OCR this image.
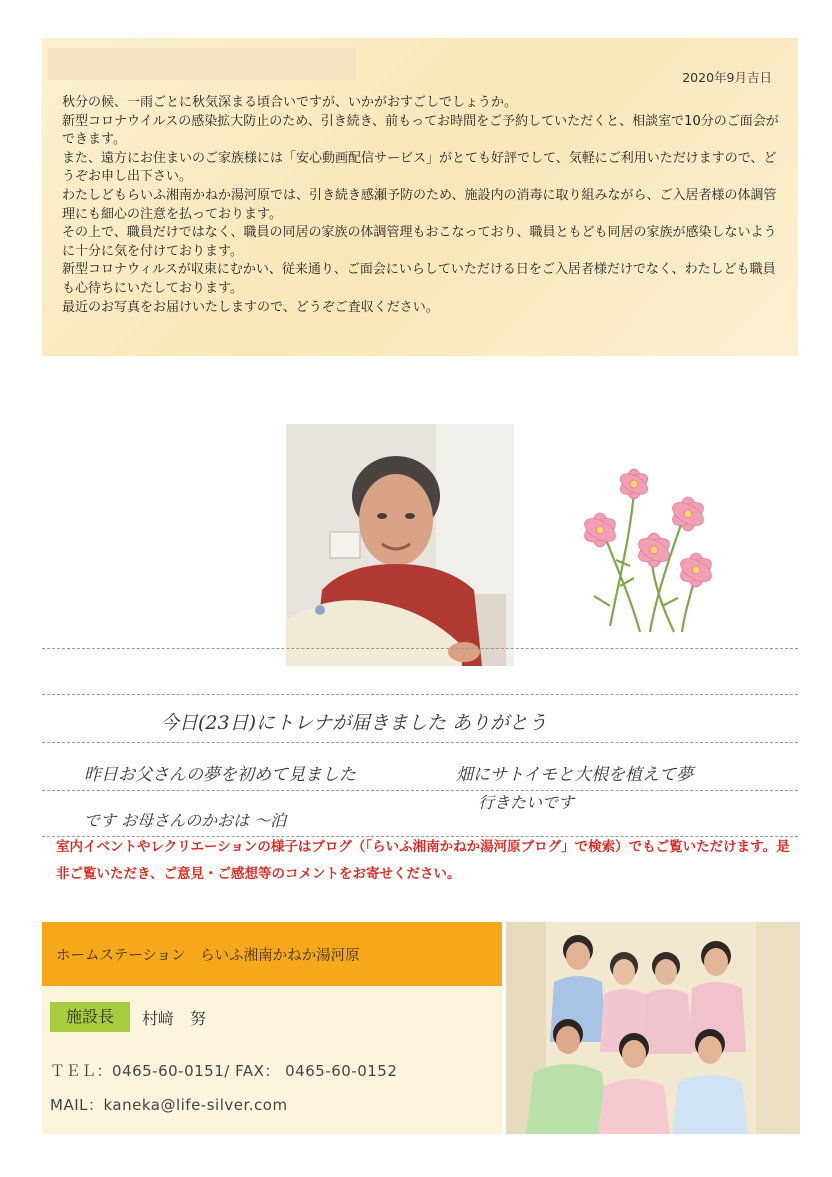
2020年9月吉日

秋分の候、一雨ごとに秋気深まる頃合いですが、いかがおすごしでしょうか。

新型コロナウイルスの感染拡大防止のため、引き続き、前もってお時間をご予約していただくと、相談室で10分のご面会ができます。

また、遠方にお住まいのご家族様には「安心動画配信サービス」がとても好評でして、気軽にご利用いただけますので、どうぞお申し出下さい。

わたしどもらいふ湘南かねか湯河原では、引き続き感瀬予防のため、施設内の消毒に取り組みながら、ご入居者様の体調管理にも細心の注意を払っております。

その上で、職員だけではなく、職員の同居の家族の体調管理もおこなっており、職員ともども同居の家族が感染しないように十分に気を付けております。

新型コロナウィルスが収束にむかい、従来通り、ご面会にいらしていただける日をご入居者様だけでなく、わたしども職員も心待ちにいたしております。

最近のお写真をお届けいたしますので、どうぞご査収ください。

今日(23日)にトレナが届きました ありがとう
昨日お父さんの夢を初めて見ました	畑にサトイモと大根を植えて夢
です お母さんのかおは ～泊
行きたいです
室内イベントやレクリエーションの様子はブログ（「らいふ湘南かねか湯河原ブログ」で検索）でもご覧いただけます。是非ご覧いただき、ご意見・ご感想等のコメントをお寄せください。
ホームステーション　らいふ湘南かねか湯河原
施設長	村﨑　努
ＴＥＬ：0465-60-0151/ FAX： 0465-60-0152
MAIL：kaneka@life-silver.com
